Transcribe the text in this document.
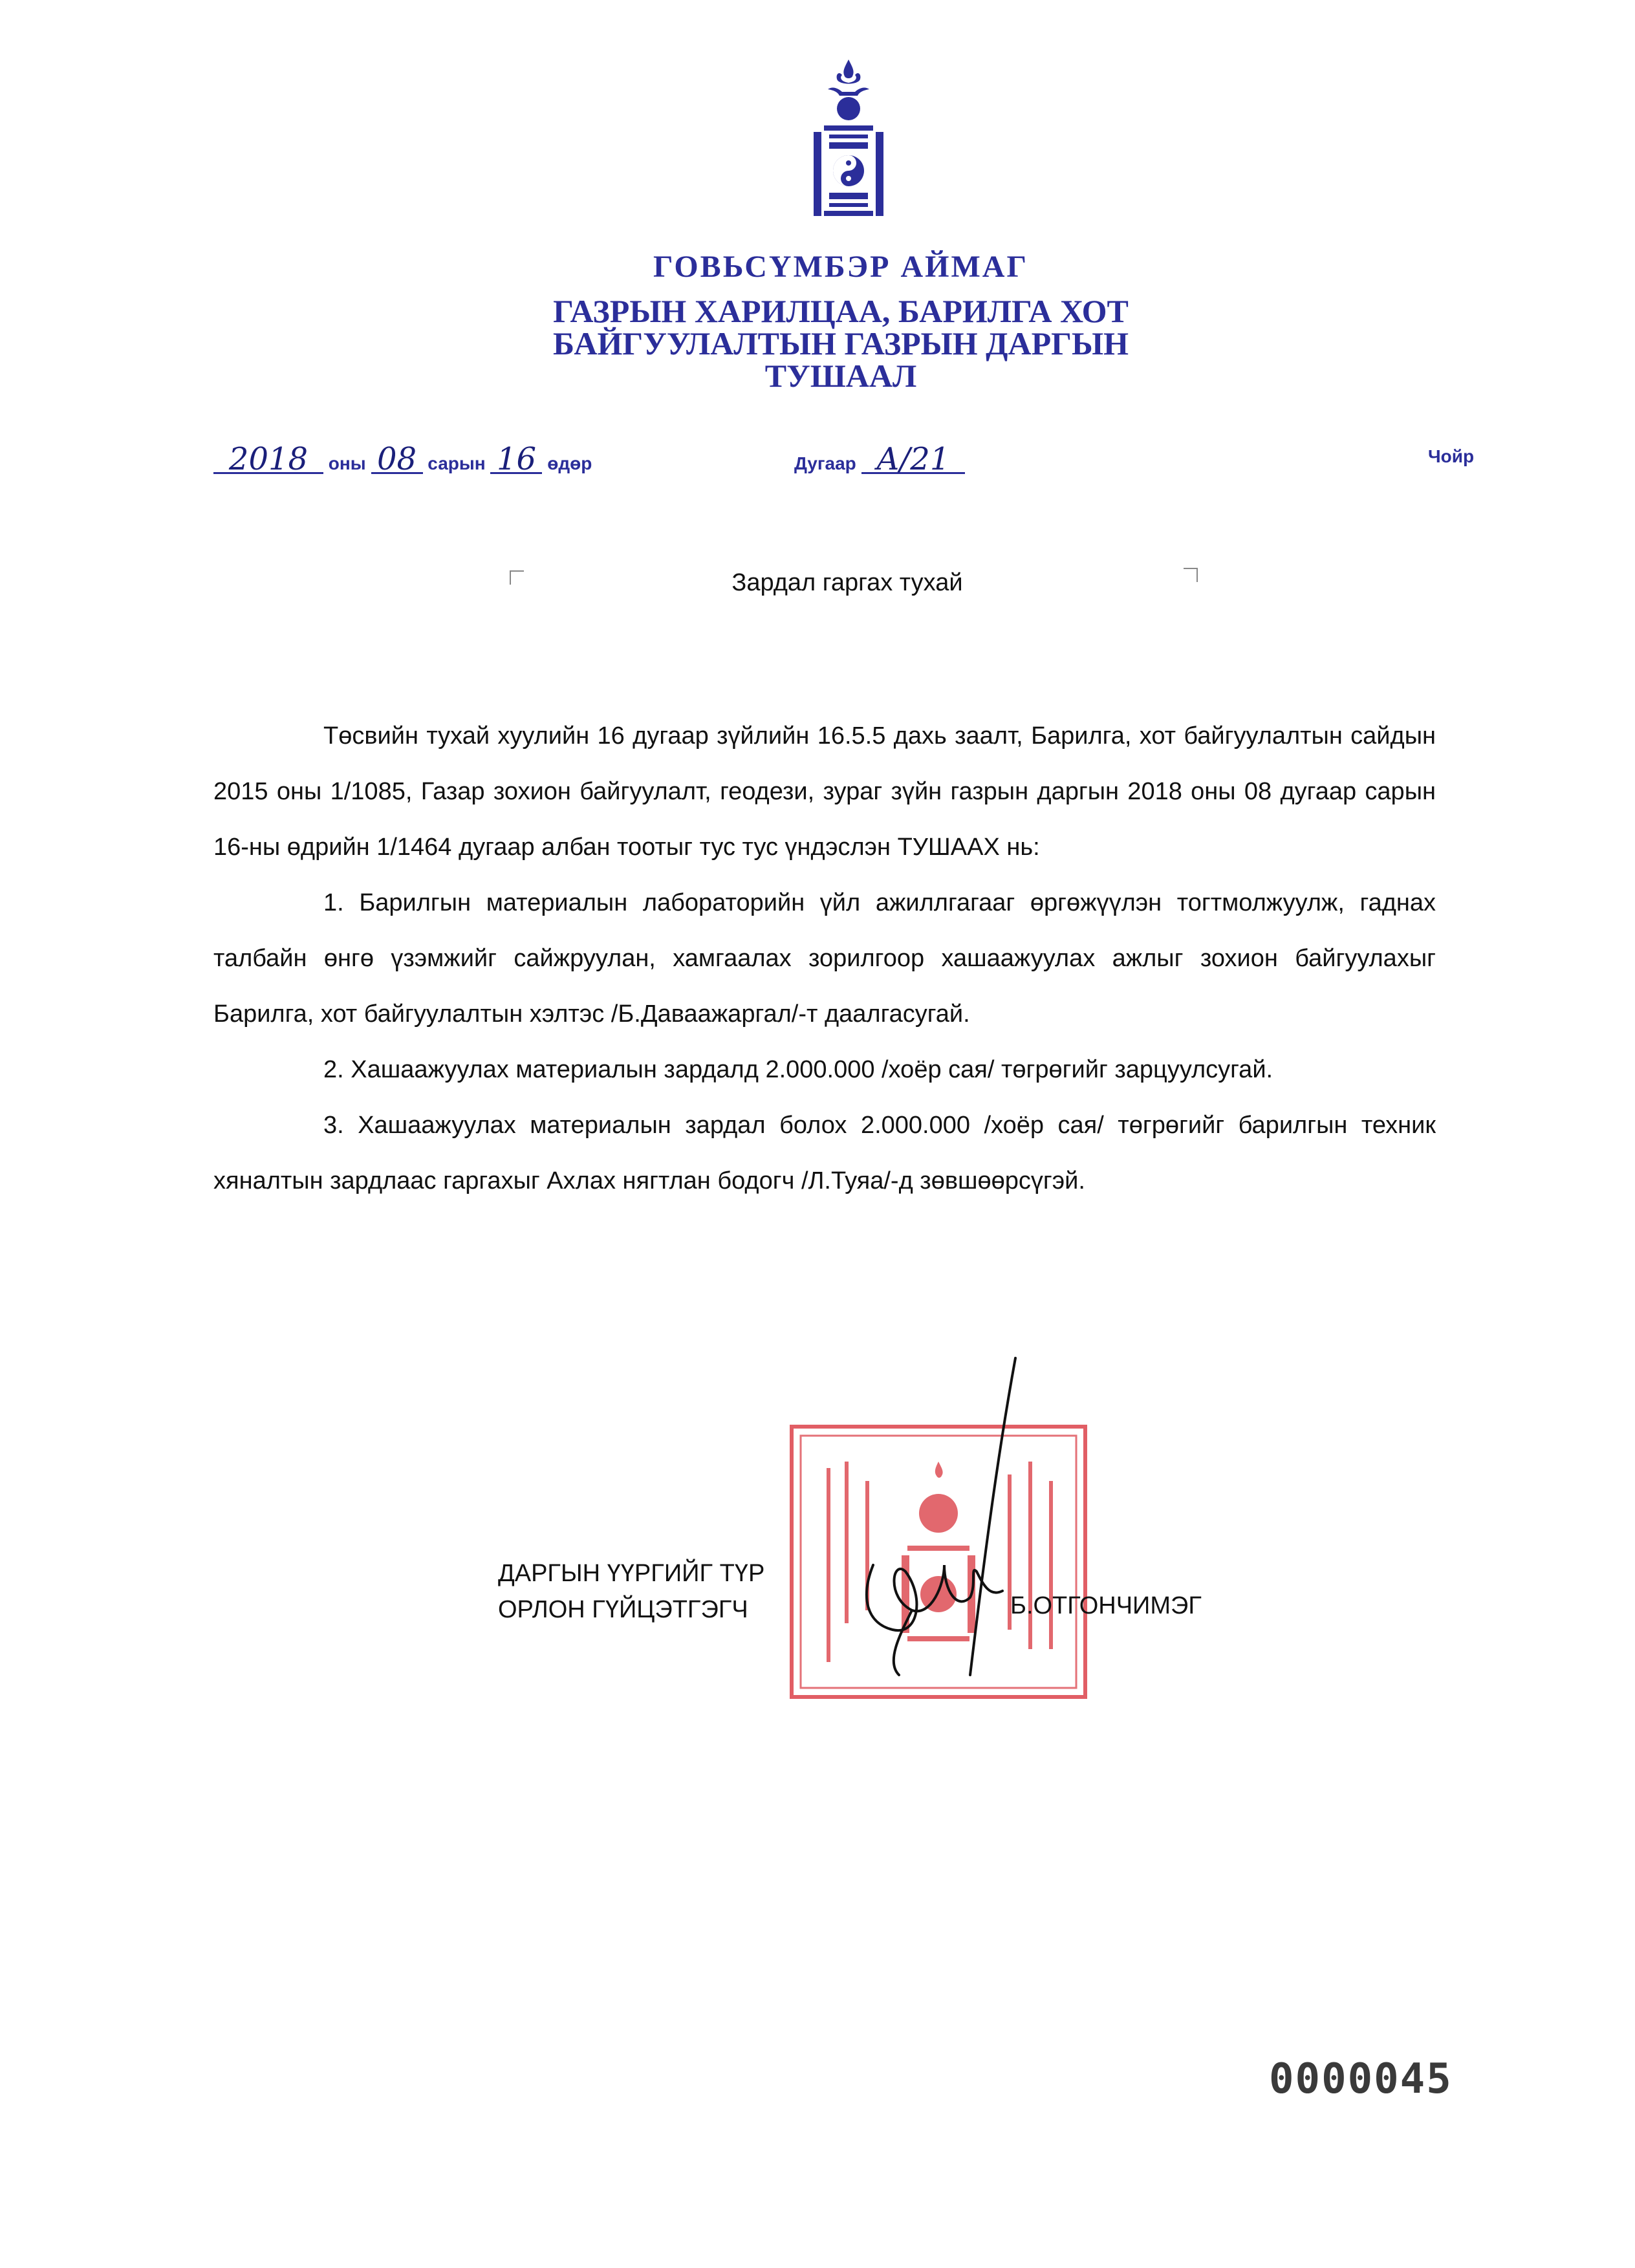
ГОВЬСҮМБЭР АЙМАГ
ГАЗРЫН ХАРИЛЦАА, БАРИЛГА ХОТ
БАЙГУУЛАЛТЫН ГАЗРЫН ДАРГЫН
ТУШААЛ
2018 оны 08 сарын 16 өдөр	Дугаар А/21	Чойр
Зардал гаргах тухай

Төсвийн тухай хуулийн 16 дугаар зүйлийн 16.5.5 дахь заалт, Барилга, хот байгуулалтын сайдын 2015 оны 1/1085, Газар зохион байгуулалт, геодези, зураг зүйн газрын даргын 2018 оны 08 дугаар сарын 16-ны өдрийн 1/1464 дугаар албан тоотыг тус тус үндэслэн ТУШААХ нь:

1. Барилгын материалын лабораторийн үйл ажиллгагааг өргөжүүлэн тогтмолжуулж, гаднах талбайн өнгө үзэмжийг сайжруулан, хамгаалах зорилгоор хашаажуулах ажлыг зохион байгуулахыг Барилга, хот байгуулалтын хэлтэс /Б.Даваажаргал/-т даалгасугай.

2. Хашаажуулах материалын зардалд 2.000.000 /хоёр сая/ төгрөгийг зарцуулсугай.

3. Хашаажуулах материалын зардал болох 2.000.000 /хоёр сая/ төгрөгийг барилгын техник хяналтын зардлаас гаргахыг Ахлах нягтлан бодогч /Л.Туяа/-д зөвшөөрсүгэй.

ДАРГЫН ҮҮРГИЙГ ТҮР
ОРЛОН ГҮЙЦЭТГЭГЧ	Б.ОТГОНЧИМЭГ
0000045
